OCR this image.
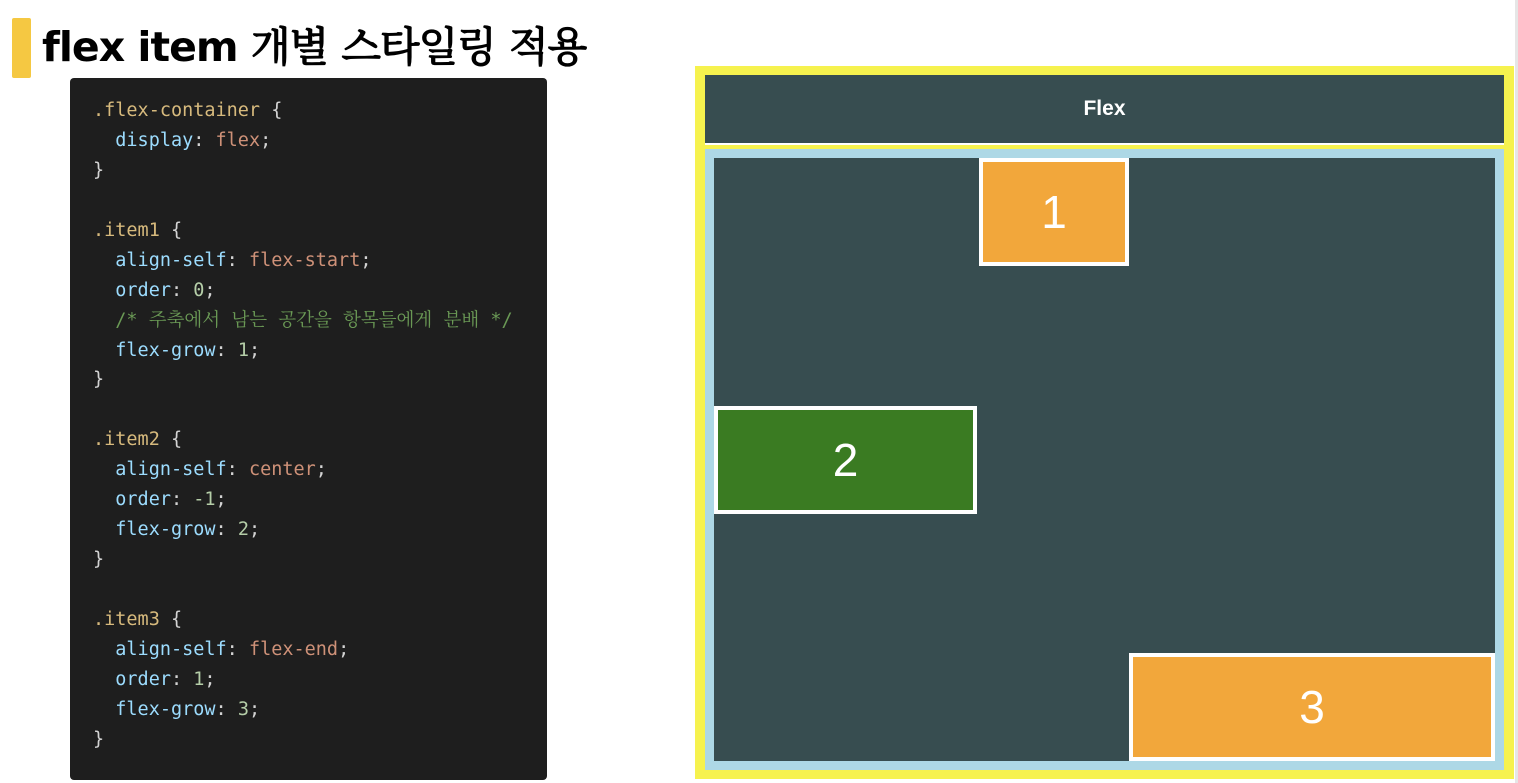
flex item 개별 스타일링 적용
.flex-container {
display: flex;
}

.item1 {
align-self: flex-start;
order: 0;
/* 주축에서 남는 공간을 항목들에게 분배 */
flex-grow: 1;
}

.item2 {
align-self: center;
order: -1;
flex-grow: 2;
}

.item3 {
align-self: flex-end;
order: 1;
flex-grow: 3;
}
Flex
1
2
3
